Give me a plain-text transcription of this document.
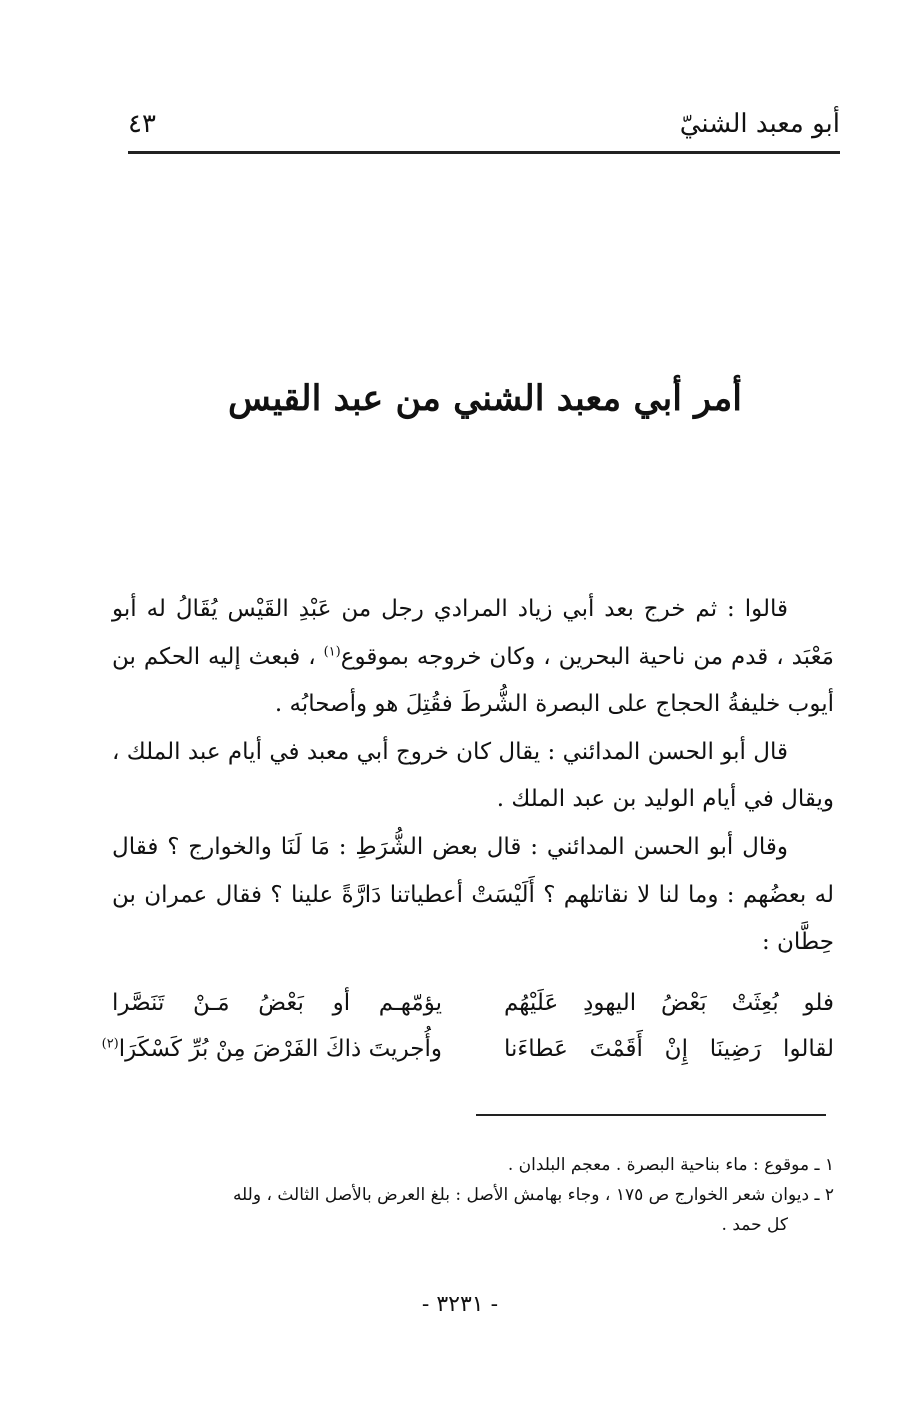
أبو معبد الشنيّ
٤٣
أمر أبي معبد الشني من عبد القيس

قالوا : ثم خرج بعد أبي زياد المرادي رجل من عَبْدِ القَيْس يُقَالُ له أبو مَعْبَد ، قدم من ناحية البحرين ، وكان خروجه بموقوع$^{(١)}$ ، فبعث إليه الحكم بن أيوب خليفةُ الحجاج على البصرة الشُّرطَ فقُتِلَ هو وأصحابُه .

قال أبو الحسن المدائني : يقال كان خروج أبي معبد في أيام عبد الملك ، ويقال في أيام الوليد بن عبد الملك .

وقال أبو الحسن المدائني : قال بعض الشُّرَطِ : مَا لَنَا والخوارج ؟ فقال له بعضُهم : وما لنا لا نقاتلهم ؟ أَلَيْسَتْ أعطياتنا دَارَّةً علينا ؟ فقال عمران بن حِطَّان :

فلو بُعِثَتْ بَعْضُ اليهودِ عَلَيْهُم
يؤمّهـم أو بَعْضُ مَـنْ تَنَصَّرا
لقالوا رَضِينَا إِنْ أَقَمْتَ عَطاءَنا
وأُجريتَ ذاكَ الفَرْضَ مِنْ بُرِّ كَسْكَرَا$^{(٢)}$

١ ـ موقوع : ماء بناحية البصرة . معجم البلدان .

٢ ـ ديوان شعر الخوارج ص ١٧٥ ، وجاء بهامش الأصل : بلغ العرض بالأصل الثالث ، ولله

كل حمد .

- ٣٢٣١ -
